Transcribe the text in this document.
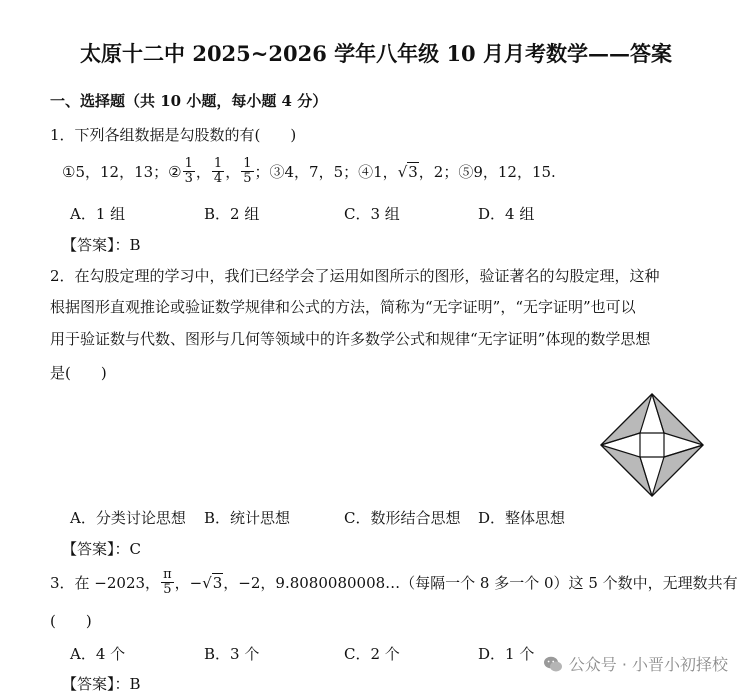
太原十二中 2025~2026 学年八年级 10 月月考数学——答案
一、选择题（共 10 小题，每小题 4 分）
1．下列各组数据是勾股数的有(　　)
①5，12，13；② $\frac{1}{3}$ ， $\frac{1}{4}$ ， $\frac{1}{5}$ ；③4，7，5；④1， √3 ，2；⑤9，12，15.
A．1 组	B．2 组	C．3 组	D．4 组
【答案】：B
2．在勾股定理的学习中，我们已经学会了运用如图所示的图形，验证著名的勾股定理，这种
根据图形直观推论或验证数学规律和公式的方法，简称为“无字证明”，“无字证明”也可以
用于验证数与代数、图形与几何等领域中的许多数学公式和规律“无字证明”体现的数学思想
是(　　)
A．分类讨论思想 B．统计思想	C．数形结合思想 D．整体思想
【答案】：C
3．在 −2023， $\frac{\pi}{5}$ ，− √3 ，−2，9.8080080008…（每隔一个 8 多一个 0）这 5 个数中，无理数共有
(　　)
A．4 个	B．3 个	C．2 个	D．1 个
【答案】：B
公众号 · 小晋小初择校
